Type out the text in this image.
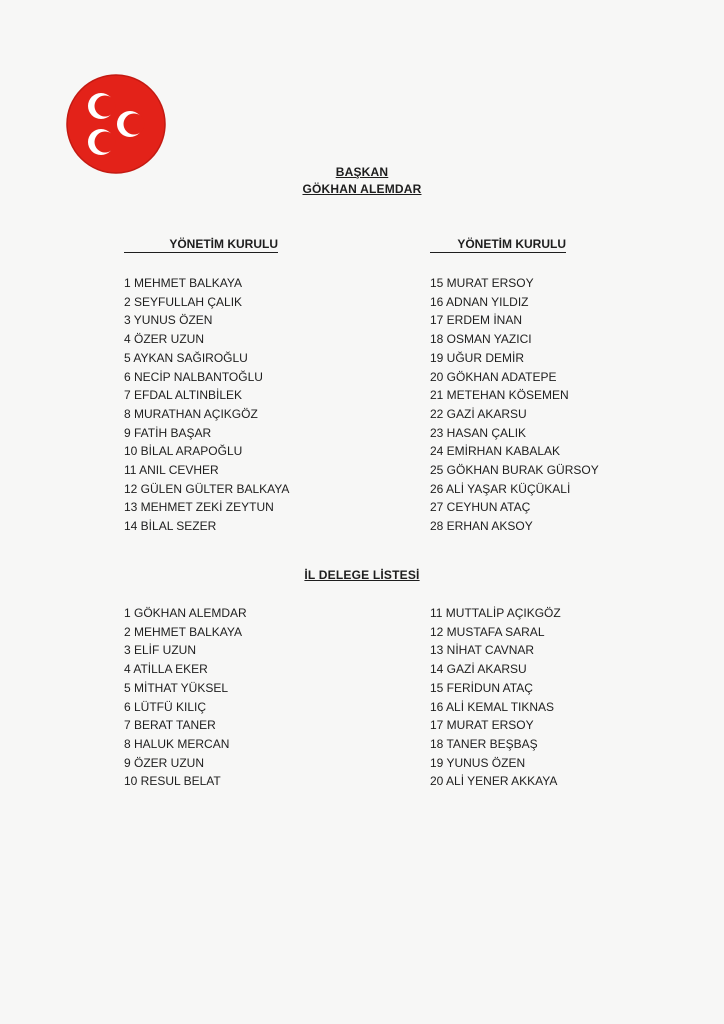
BAŞKAN
GÖKHAN ALEMDAR
YÖNETİM KURULU	YÖNETİM KURULU
1 MEHMET BALKAYA
2 SEYFULLAH ÇALIK
3 YUNUS ÖZEN
4 ÖZER UZUN
5 AYKAN SAĞIROĞLU
6 NECİP NALBANTOĞLU
7 EFDAL ALTINBİLEK
8 MURATHAN AÇIKGÖZ
9 FATİH BAŞAR
10 BİLAL ARAPOĞLU
11 ANIL CEVHER
12 GÜLEN GÜLTER BALKAYA
13 MEHMET ZEKİ ZEYTUN
14 BİLAL SEZER
15 MURAT ERSOY
16 ADNAN YILDIZ
17 ERDEM İNAN
18 OSMAN YAZICI
19 UĞUR DEMİR
20 GÖKHAN ADATEPE
21 METEHAN KÖSEMEN
22 GAZİ AKARSU
23 HASAN ÇALIK
24 EMİRHAN KABALAK
25 GÖKHAN BURAK GÜRSOY
26 ALİ YAŞAR KÜÇÜKALİ
27 CEYHUN ATAÇ
28 ERHAN AKSOY
İL DELEGE LİSTESİ
1 GÖKHAN ALEMDAR
2 MEHMET BALKAYA
3 ELİF UZUN
4 ATİLLA EKER
5 MİTHAT YÜKSEL
6 LÜTFÜ KILIÇ
7 BERAT TANER
8 HALUK MERCAN
9 ÖZER UZUN
10 RESUL BELAT
11 MUTTALİP AÇIKGÖZ
12 MUSTAFA SARAL
13 NİHAT CAVNAR
14 GAZİ AKARSU
15 FERİDUN ATAÇ
16 ALİ KEMAL TIKNAS
17 MURAT ERSOY
18 TANER BEŞBAŞ
19 YUNUS ÖZEN
20 ALİ YENER AKKAYA
